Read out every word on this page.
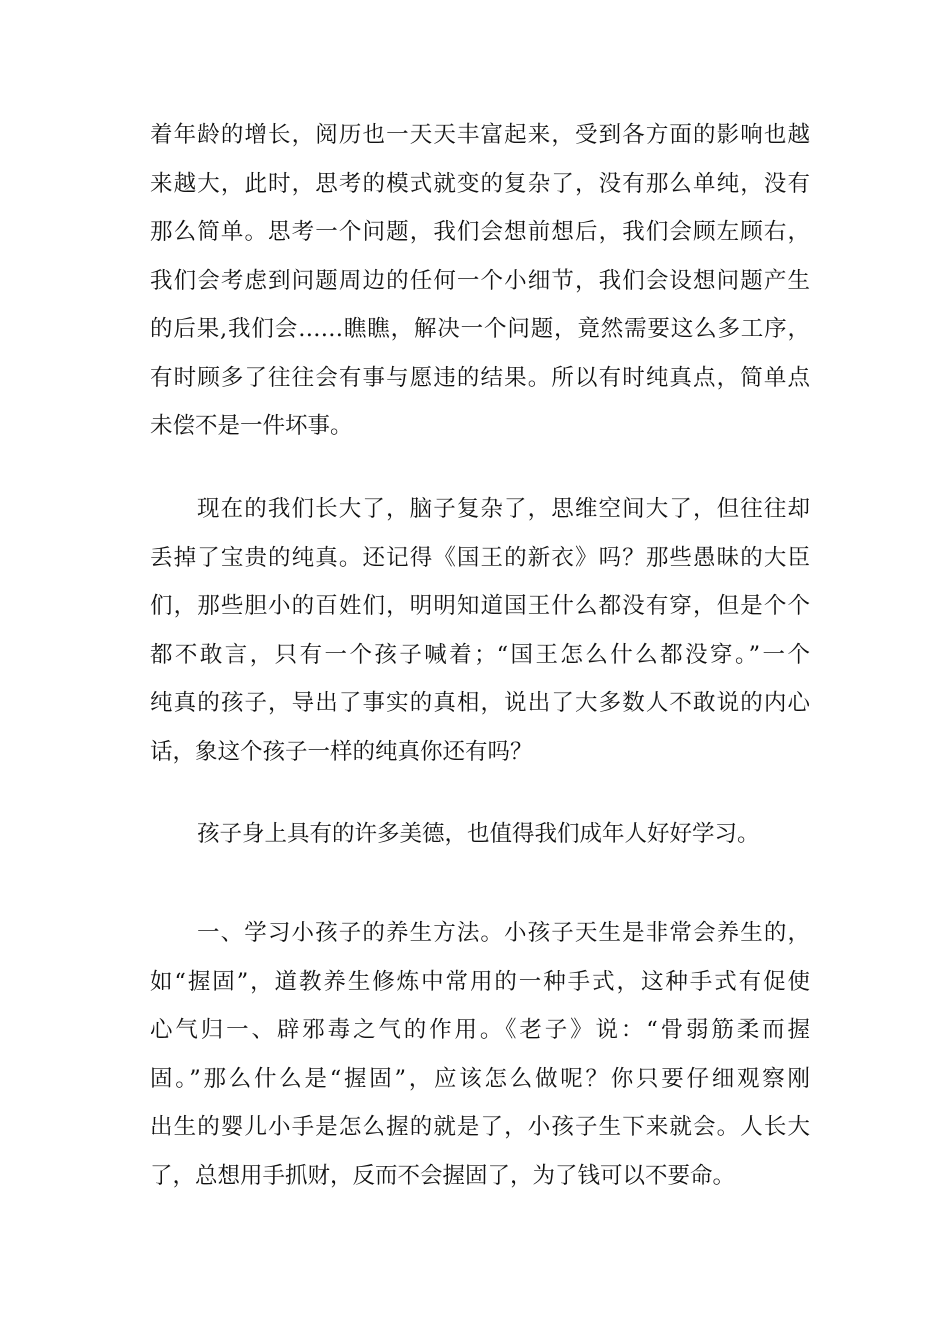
着年龄的增长，阅历也一天天丰富起来，受到各方面的影响也越
来越大，此时，思考的模式就变的复杂了，没有那么单纯，没有
那么简单。思考一个问题，我们会想前想后，我们会顾左顾右，
我们会考虑到问题周边的任何一个小细节，我们会设想问题产生
的后果,我们会……瞧瞧，解决一个问题，竟然需要这么多工序，
有时顾多了往往会有事与愿违的结果。所以有时纯真点，简单点
未偿不是一件坏事。
现在的我们长大了，脑子复杂了，思维空间大了，但往往却
丢掉了宝贵的纯真。还记得《国王的新衣》吗？那些愚昧的大臣
们，那些胆小的百姓们，明明知道国王什么都没有穿，但是个个
都不敢言，只有一个孩子喊着；“国王怎么什么都没穿。”一个
纯真的孩子，导出了事实的真相，说出了大多数人不敢说的内心
话，象这个孩子一样的纯真你还有吗？
孩子身上具有的许多美德，也值得我们成年人好好学习。
一、学习小孩子的养生方法。小孩子天生是非常会养生的，
如“握固”，道教养生修炼中常用的一种手式，这种手式有促使
心气归一、辟邪毒之气的作用。《老子》说：“骨弱筋柔而握
固。”那么什么是“握固”，应该怎么做呢？你只要仔细观察刚
出生的婴儿小手是怎么握的就是了，小孩子生下来就会。人长大
了，总想用手抓财，反而不会握固了，为了钱可以不要命。
